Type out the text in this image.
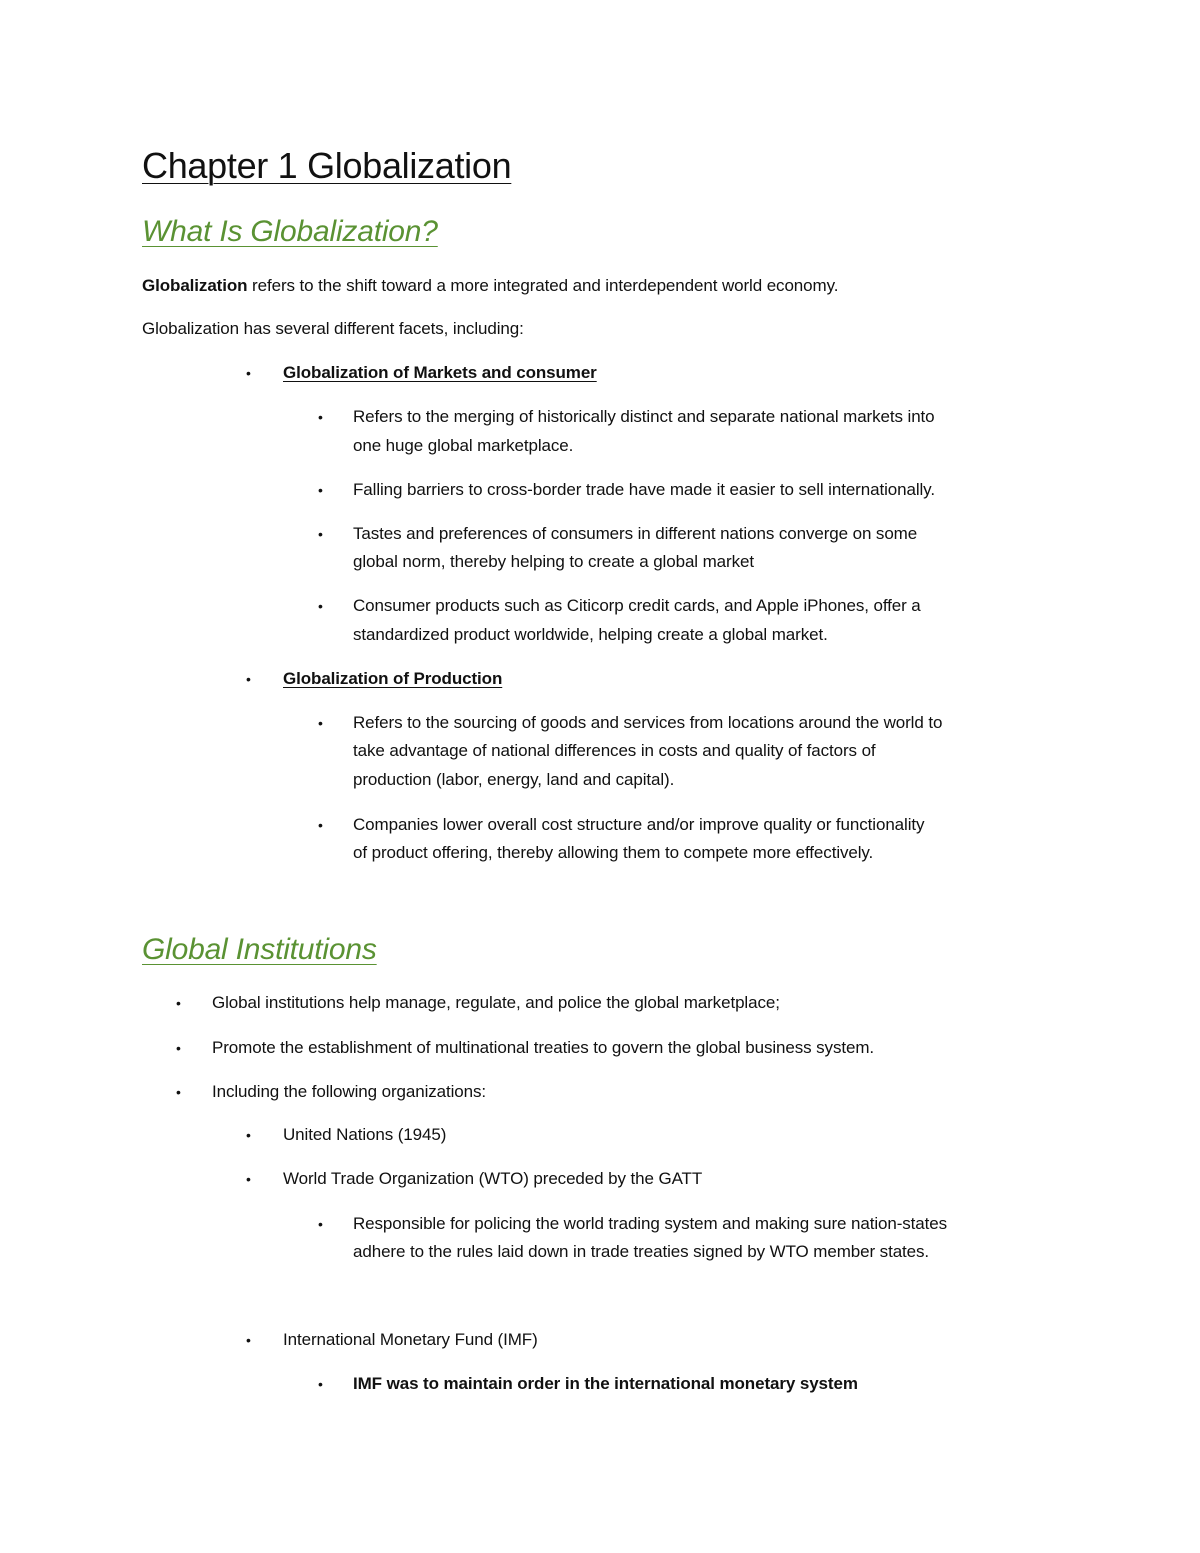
Chapter 1 Globalization
What Is Globalization?
Globalization refers to the shift toward a more integrated and interdependent world economy.
Globalization has several different facets, including:
• Globalization of Markets and consumer
• Refers to the merging of historically distinct and separate national markets into
one huge global marketplace.
• Falling barriers to cross-border trade have made it easier to sell internationally.
• Tastes and preferences of consumers in different nations converge on some
global norm, thereby helping to create a global market
• Consumer products such as Citicorp credit cards, and Apple iPhones, offer a
standardized product worldwide, helping create a global market.
• Globalization of Production
• Refers to the sourcing of goods and services from locations around the world to
take advantage of national differences in costs and quality of factors of
production (labor, energy, land and capital).
• Companies lower overall cost structure and/or improve quality or functionality
of product offering, thereby allowing them to compete more effectively.
Global Institutions
• Global institutions help manage, regulate, and police the global marketplace;
• Promote the establishment of multinational treaties to govern the global business system.
• Including the following organizations:
• United Nations (1945)
• World Trade Organization (WTO) preceded by the GATT
• Responsible for policing the world trading system and making sure nation-states
adhere to the rules laid down in trade treaties signed by WTO member states.
• International Monetary Fund (IMF)
• IMF was to maintain order in the international monetary system
